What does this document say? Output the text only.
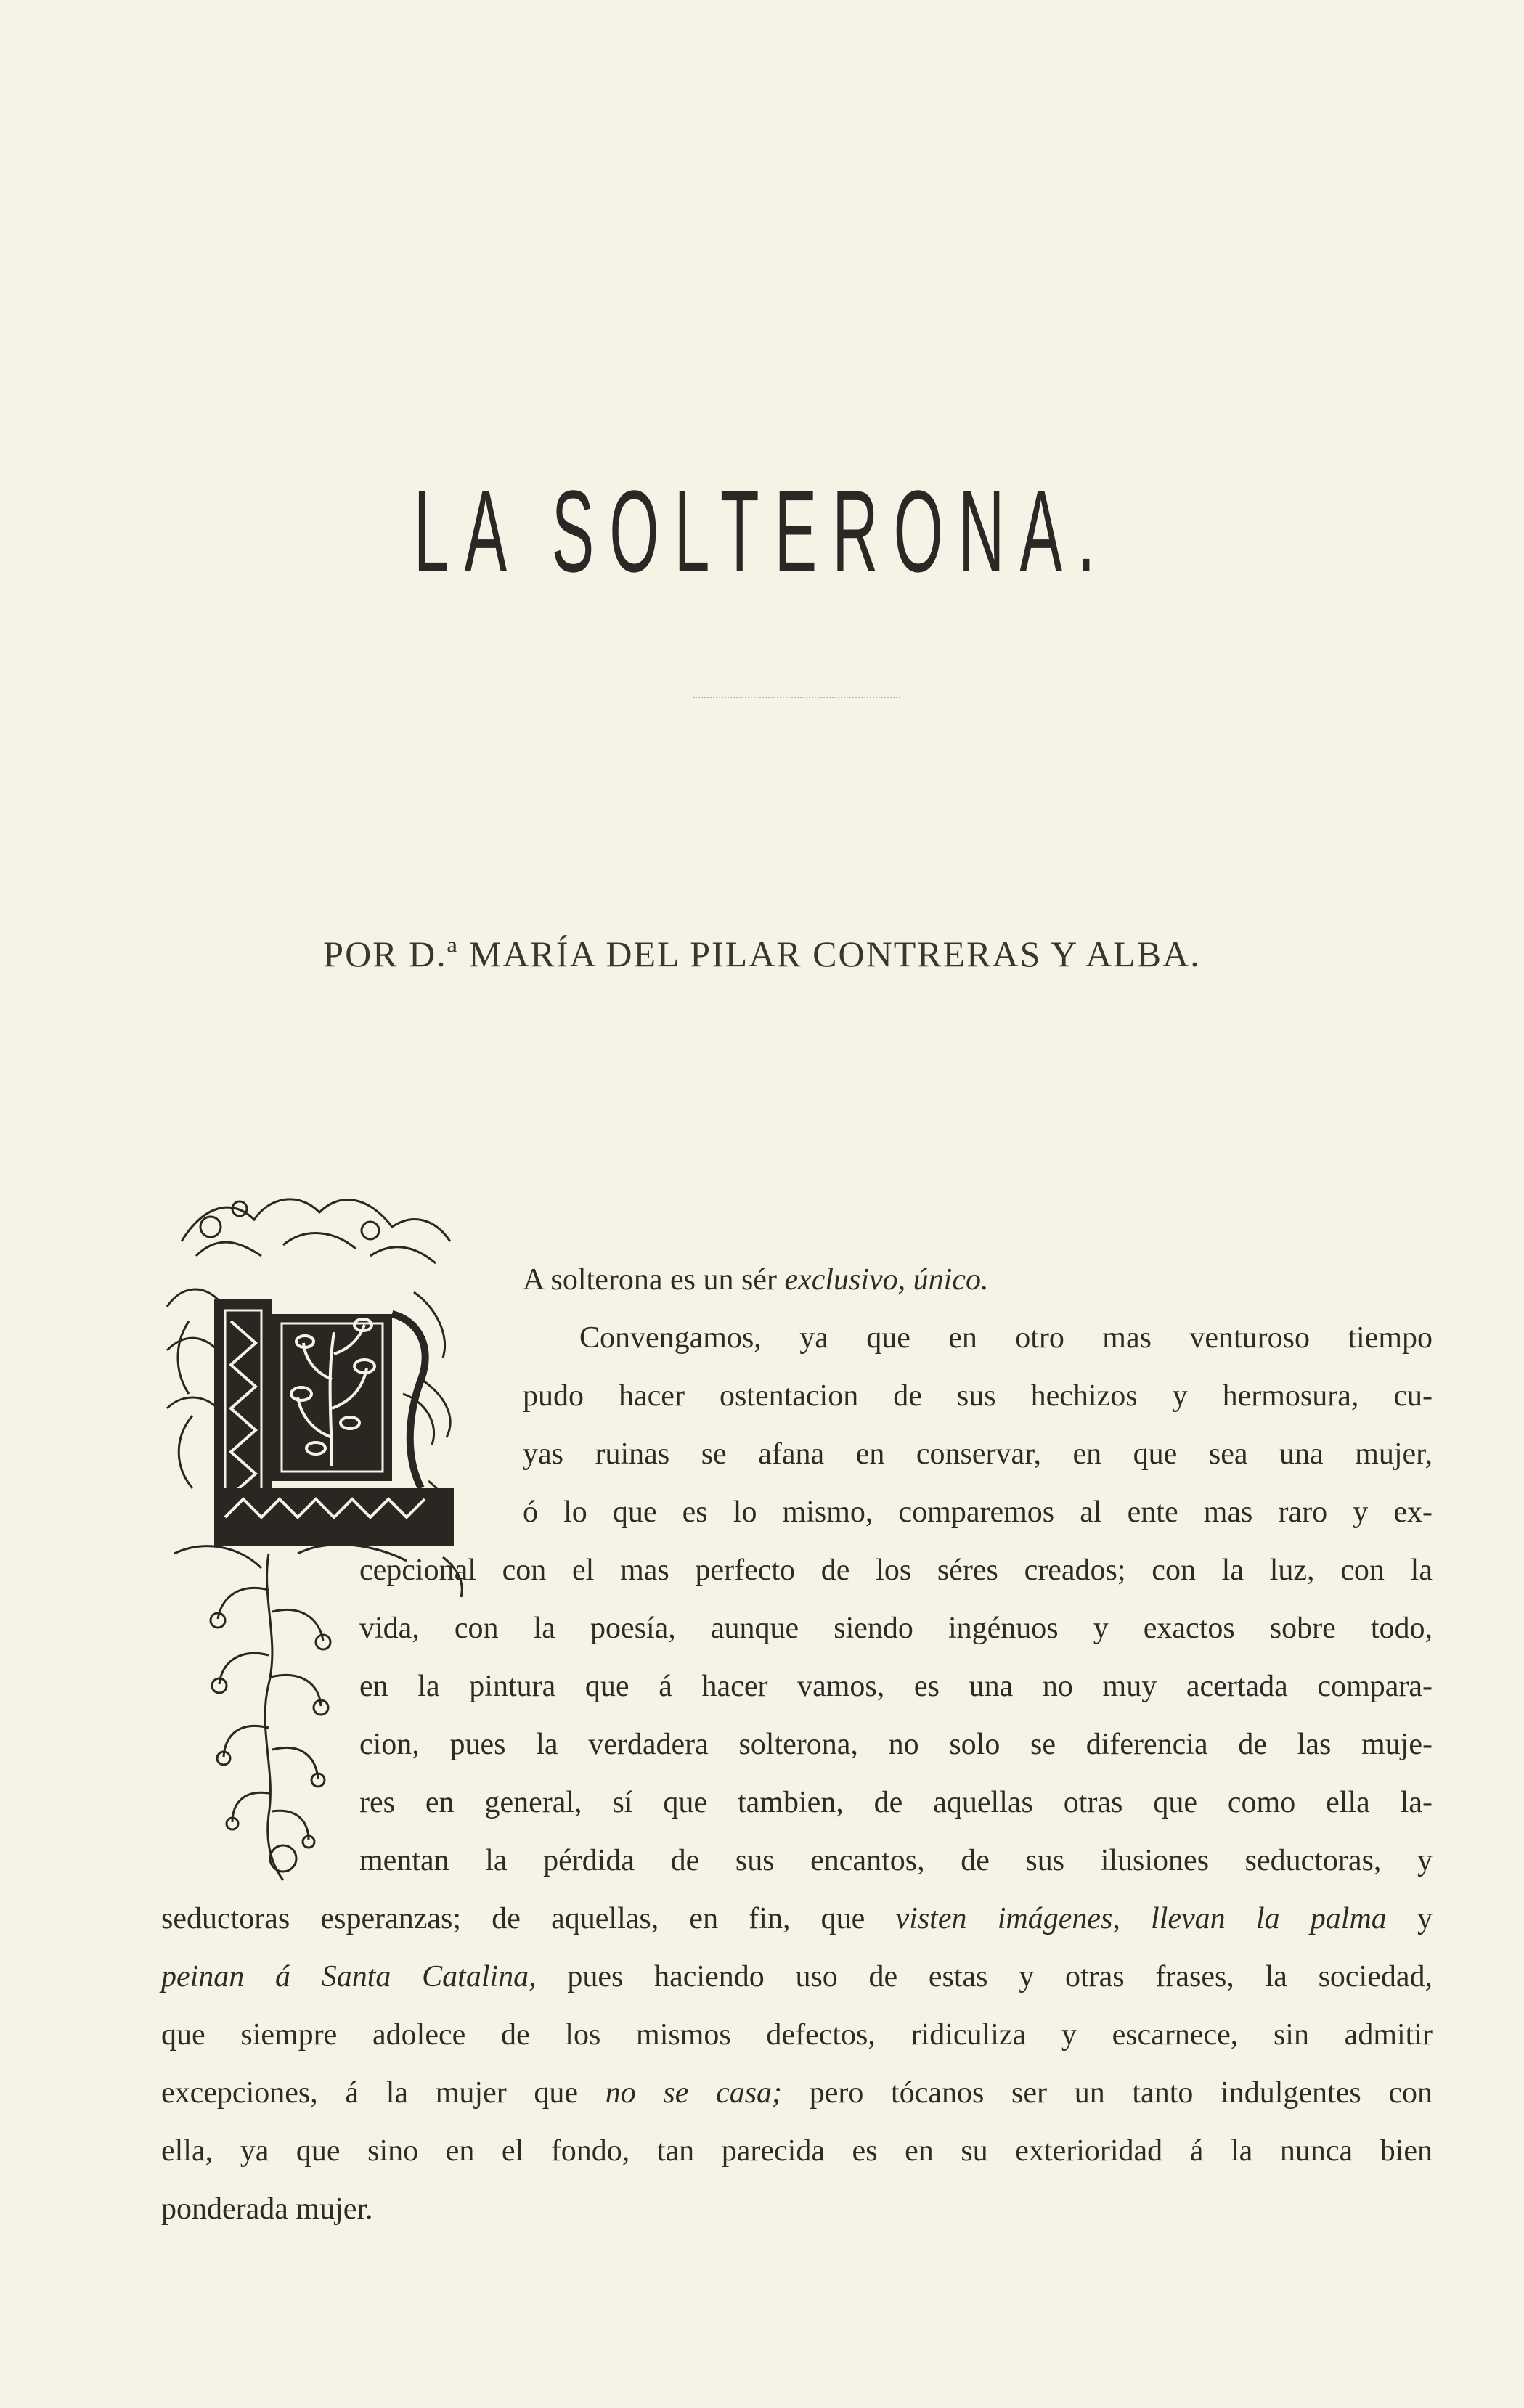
LA SOLTERONA.
POR D.ª MARÍA DEL PILAR CONTRERAS Y ALBA.
A solterona es un sér exclusivo, único.
Convengamos, ya que en otro mas venturoso tiempo
pudo hacer ostentacion de sus hechizos y hermosura, cu-
yas ruinas se afana en conservar, en que sea una mujer,
ó lo que es lo mismo, comparemos al ente mas raro y ex-
cepcional con el mas perfecto de los séres creados; con la luz, con la
vida, con la poesía, aunque siendo ingénuos y exactos sobre todo,
en la pintura que á hacer vamos, es una no muy acertada compara-
cion, pues la verdadera solterona, no solo se diferencia de las muje-
res en general, sí que tambien, de aquellas otras que como ella la-
mentan la pérdida de sus encantos, de sus ilusiones seductoras, y
seductoras esperanzas; de aquellas, en fin, que visten imágenes, llevan la palma y
peinan á Santa Catalina, pues haciendo uso de estas y otras frases, la sociedad,
que siempre adolece de los mismos defectos, ridiculiza y escarnece, sin admitir
excepciones, á la mujer que no se casa; pero tócanos ser un tanto indulgentes con
ella, ya que sino en el fondo, tan parecida es en su exterioridad á la nunca bien
ponderada mujer.
